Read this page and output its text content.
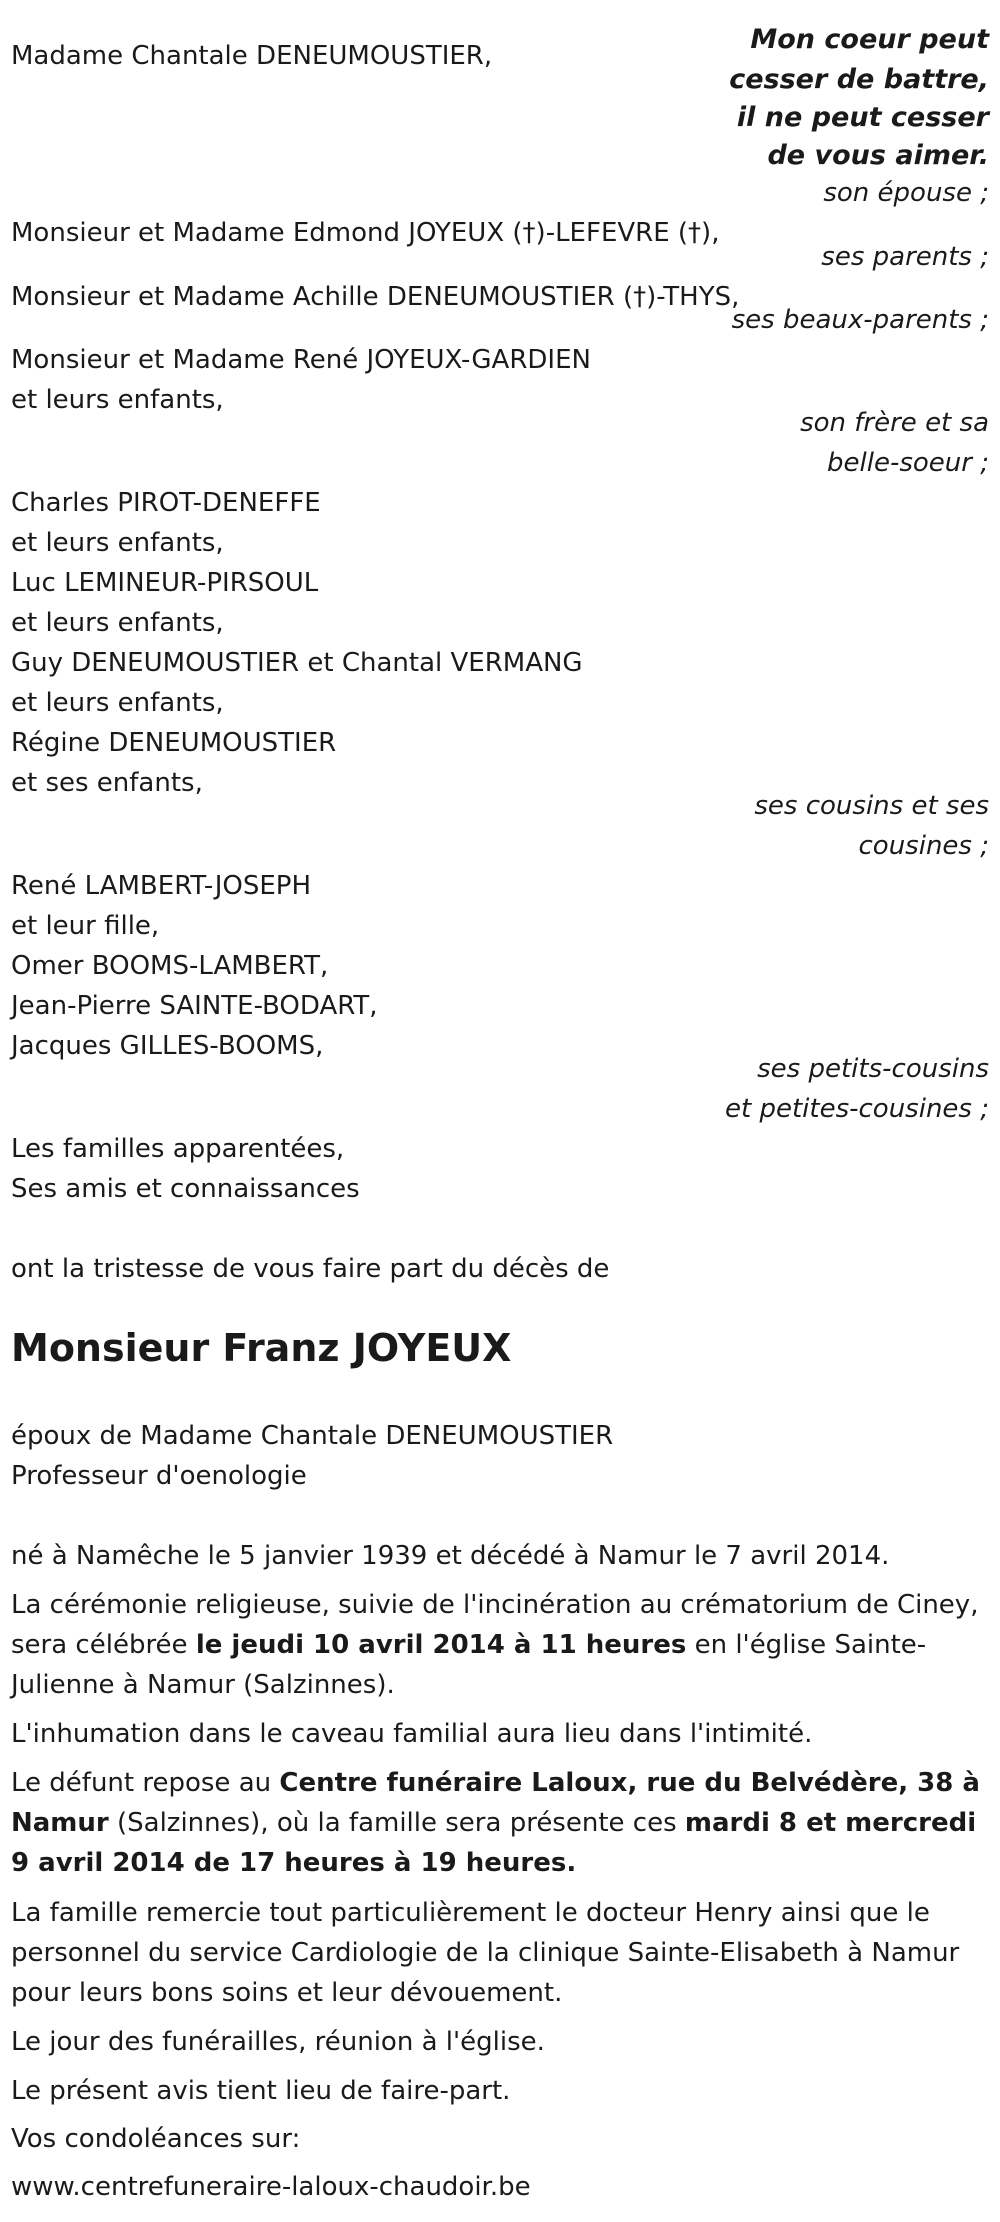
Madame Chantale DENEUMOUSTIER,
Mon coeur peut
cesser de battre,
il ne peut cesser
de vous aimer.
son épouse ;
Monsieur et Madame Edmond JOYEUX (†)-LEFEVRE (†),
ses parents ;
Monsieur et Madame Achille DENEUMOUSTIER (†)-THYS,
ses beaux-parents ;
Monsieur et Madame René JOYEUX-GARDIEN
et leurs enfants,
son frère et sa
belle-soeur ;
Charles PIROT-DENEFFE
et leurs enfants,
Luc LEMINEUR-PIRSOUL
et leurs enfants,
Guy DENEUMOUSTIER et Chantal VERMANG
et leurs enfants,
Régine DENEUMOUSTIER
et ses enfants,
ses cousins et ses
cousines ;
René LAMBERT-JOSEPH
et leur fille,
Omer BOOMS-LAMBERT,
Jean-Pierre SAINTE-BODART,
Jacques GILLES-BOOMS,
ses petits-cousins
et petites-cousines ;
Les familles apparentées,
Ses amis et connaissances
ont la tristesse de vous faire part du décès de
Monsieur Franz JOYEUX
époux de Madame Chantale DENEUMOUSTIER
Professeur d'oenologie
né à Namêche le 5 janvier 1939 et décédé à Namur le 7 avril 2014.
La cérémonie religieuse, suivie de l'incinération au crématorium de Ciney, sera célébrée le jeudi 10 avril 2014 à 11 heures en l'église Sainte-Julienne à Namur (Salzinnes).
L'inhumation dans le caveau familial aura lieu dans l'intimité.
Le défunt repose au Centre funéraire Laloux, rue du Belvédère, 38 à Namur (Salzinnes), où la famille sera présente ces mardi 8 et mercredi 9 avril 2014 de 17 heures à 19 heures.
La famille remercie tout particulièrement le docteur Henry ainsi que le personnel du service Cardiologie de la clinique Sainte-Elisabeth à Namur pour leurs bons soins et leur dévouement.
Le jour des funérailles, réunion à l'église.
Le présent avis tient lieu de faire-part.
Vos condoléances sur:
www.centrefuneraire-laloux-chaudoir.be
